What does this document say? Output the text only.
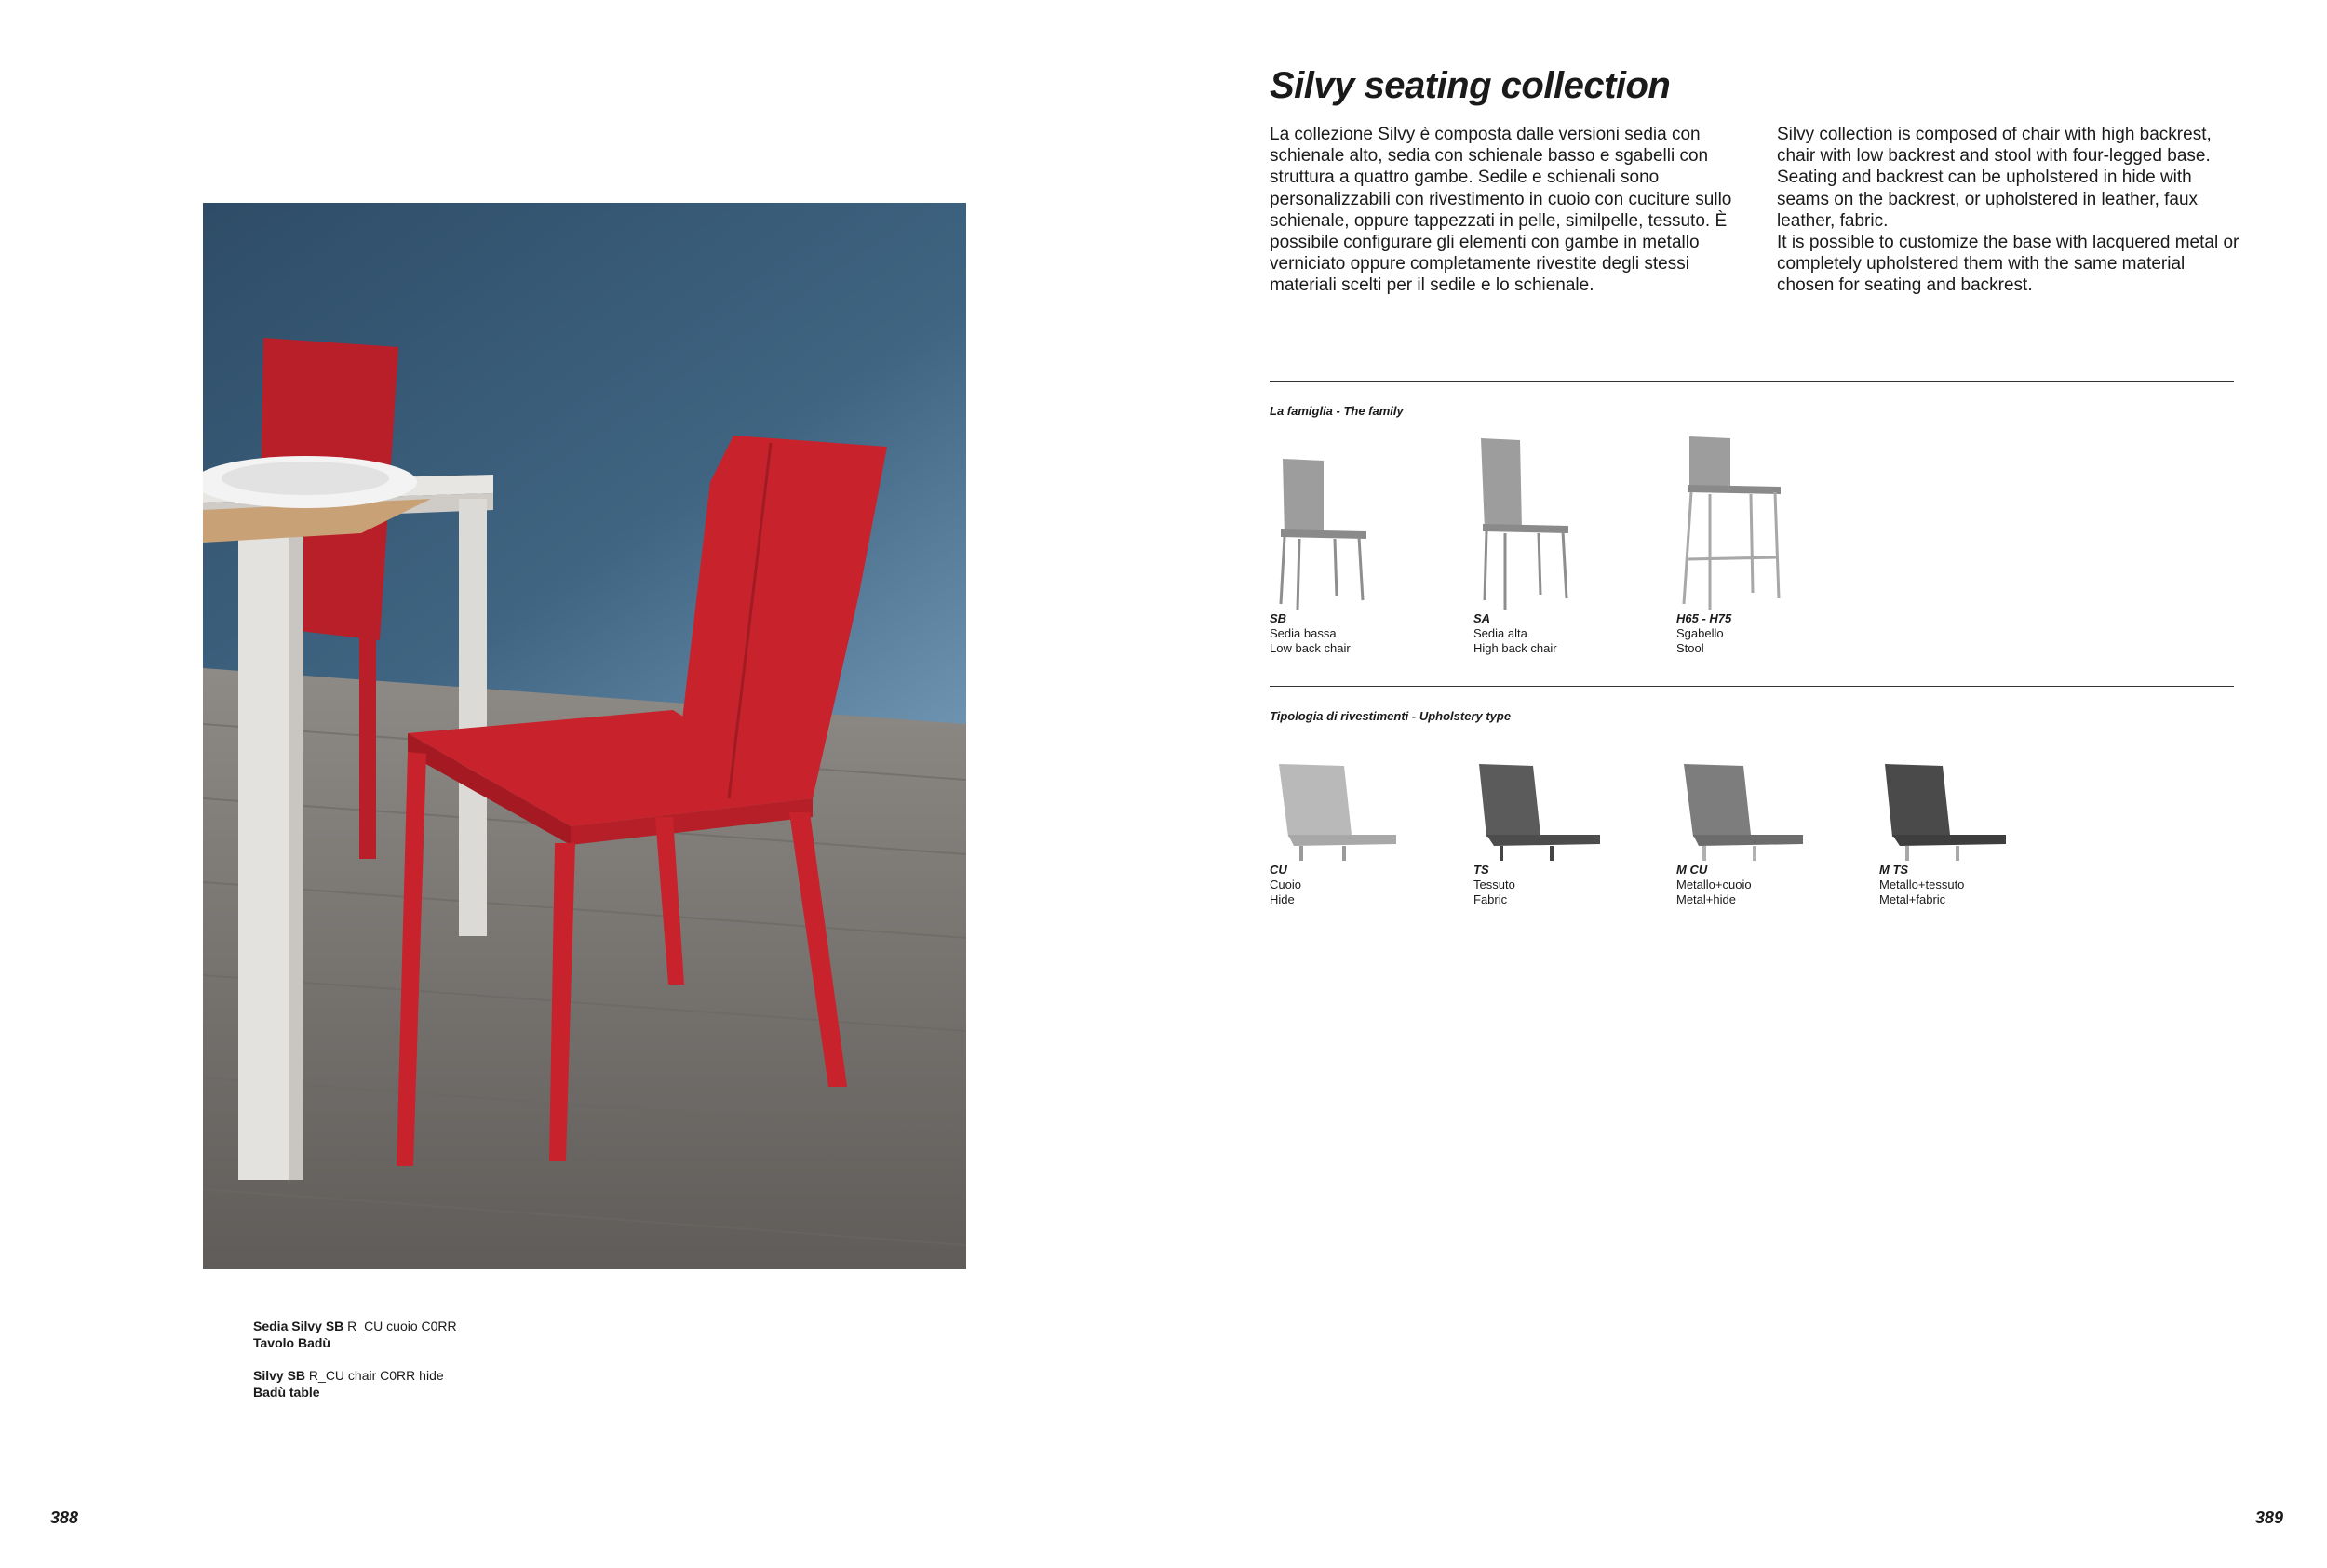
Sedia Silvy SB R_CU cuoio C0RR
Tavolo Badù
Silvy SB R_CU chair C0RR hide
Badù table
388
Silvy seating collection

La collezione Silvy è composta dalle versioni sedia con schienale alto, sedia con schienale basso e sgabelli con struttura a quattro gambe. Sedile e schienali sono personalizzabili con rivestimento in cuoio con cuciture sullo schienale, oppure tappezzati in pelle, similpelle, tessuto. È possibile configurare gli elementi con gambe in metallo verniciato oppure completamente rivestite degli stessi materiali scelti per il sedile e lo schienale.

Silvy collection is composed of chair with high backrest, chair with low backrest and stool with four-legged base. Seating and backrest can be upholstered in hide with seams on the backrest, or upholstered in leather, faux leather, fabric.

It is possible to customize the base with lacquered metal or completely upholstered them with the same material chosen for seating and backrest.

La famiglia - The family
SB
Sedia bassa
Low back chair
SA
Sedia alta
High back chair
H65 - H75
Sgabello
Stool
Tipologia di rivestimenti - Upholstery type
CU
Cuoio
Hide
TS
Tessuto
Fabric
M CU
Metallo+cuoio
Metal+hide
M TS
Metallo+tessuto
Metal+fabric
389
